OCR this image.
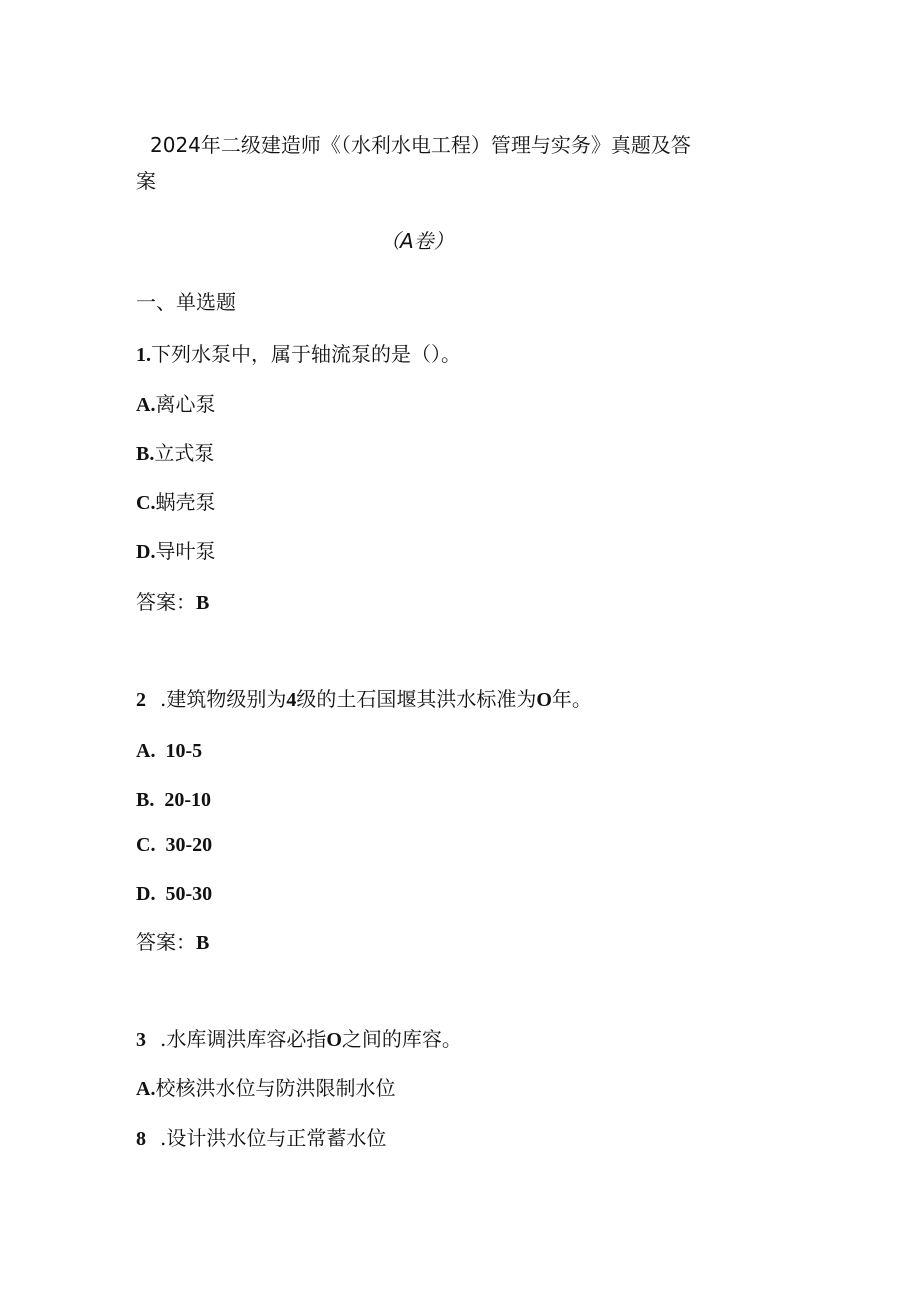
2024年二级建造师《（水利水电工程）管理与实务》真题及答
案
（A卷）
一、单选题
1.下列水泵中，属于轴流泵的是（）。
A.离心泵
B.立式泵
C.蜗壳泵
D.导叶泵
答案：B
2 .建筑物级别为4级的土石国堰其洪水标准为O年。
A. 10-5
B. 20-10
C. 30-20
D. 50-30
答案：B
3 .水库调洪库容必指O之间的库容。
A.校核洪水位与防洪限制水位
8 .设计洪水位与正常蓄水位
